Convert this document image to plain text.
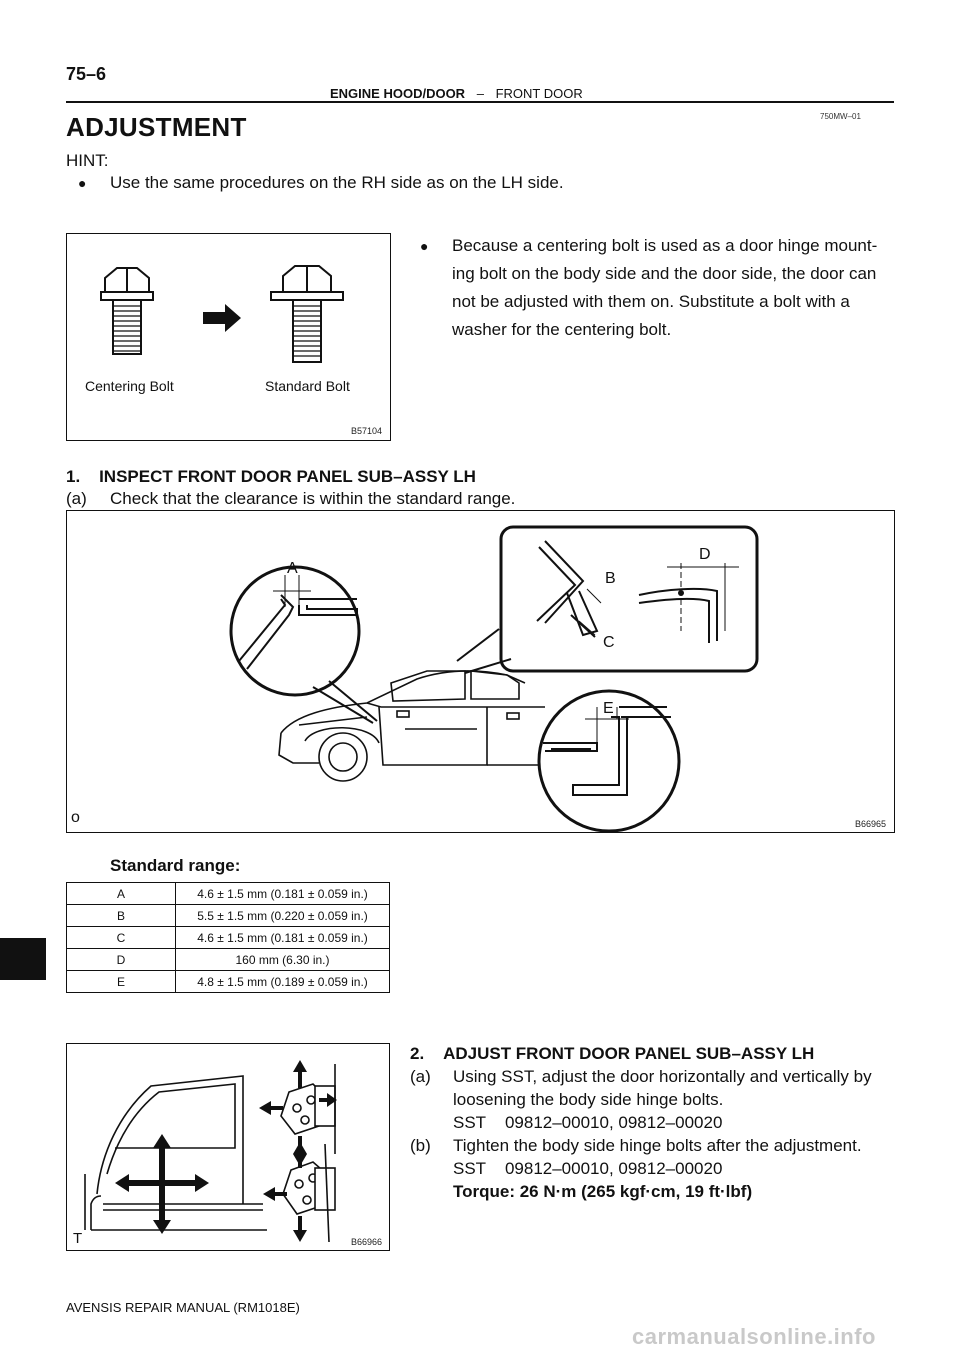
75–6
ENGINE HOOD/DOOR – FRONT DOOR
750MW–01
ADJUSTMENT
HINT:
● Use the same procedures on the RH side as on the LH side.
Centering Bolt	Standard Bolt
B57104
● Because a centering bolt is used as a door hinge mount-
ing bolt on the body side and the door side, the door can
not be adjusted with them on. Substitute a bolt with a
washer for the centering bolt.
1.    INSPECT FRONT DOOR PANEL SUB–ASSY LH
(a) Check that the clearance is within the standard range.
A
B
C
D
E
o	B66965
Standard range:
A	4.6 ± 1.5 mm (0.181 ± 0.059 in.)
B	5.5 ± 1.5 mm (0.220 ± 0.059 in.)
C	4.6 ± 1.5 mm (0.181 ± 0.059 in.)
D	160 mm (6.30 in.)
E	4.8 ± 1.5 mm (0.189 ± 0.059 in.)
T	B66966
2.    ADJUST FRONT DOOR PANEL SUB–ASSY LH
(a) Using SST, adjust the door horizontally and vertically by
loosening the body side hinge bolts.
SST    09812–00010, 09812–00020
(b) Tighten the body side hinge bolts after the adjustment.
SST    09812–00010, 09812–00020
Torque: 26 N·m (265 kgf·cm, 19 ft·lbf)
AVENSIS REPAIR MANUAL (RM1018E)
carmanualsonline.info
